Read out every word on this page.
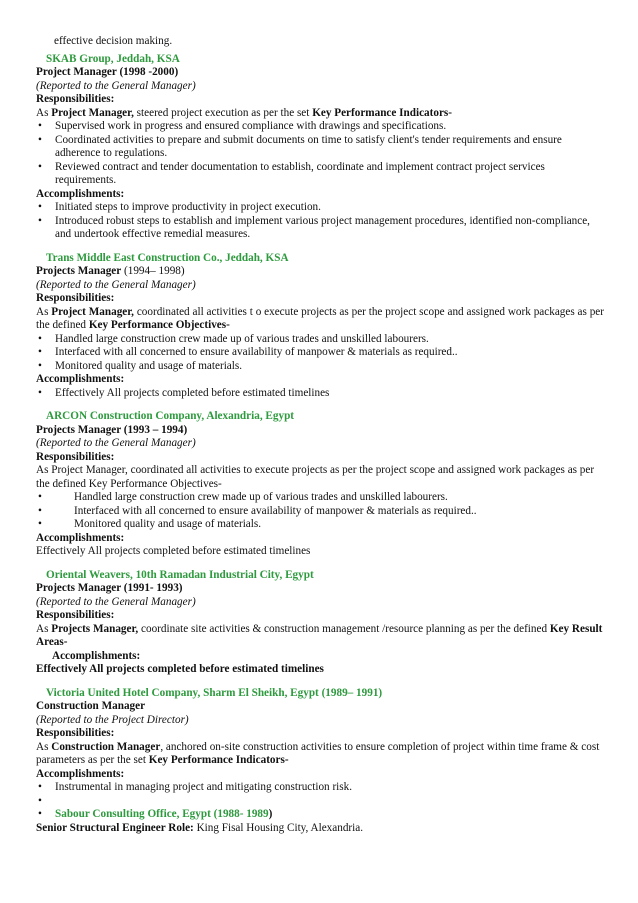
effective decision making.
SKAB Group, Jeddah, KSA
Project Manager (1998 -2000)
(Reported to the General Manager)
Responsibilities:
As Project Manager, steered project execution as per the set Key Performance Indicators-
• Supervised work in progress and ensured compliance with drawings and specifications.
• Coordinated activities to prepare and submit documents on time to satisfy client's tender requirements and ensure adherence to regulations.
• Reviewed contract and tender documentation to establish, coordinate and implement contract project services requirements.
Accomplishments:
• Initiated steps to improve productivity in project execution.
• Introduced robust steps to establish and implement various project management procedures, identified non-compliance, and undertook effective remedial measures.
Trans Middle East Construction Co., Jeddah, KSA
Projects Manager (1994– 1998)
(Reported to the General Manager)
Responsibilities:
As Project Manager, coordinated all activities t o execute projects as per the project scope and assigned work packages as per the defined Key Performance Objectives-
• Handled large construction crew made up of various trades and unskilled labourers.
• Interfaced with all concerned to ensure availability of manpower & materials as required..
• Monitored quality and usage of materials.
Accomplishments:
• Effectively All projects completed before estimated timelines
ARCON Construction Company, Alexandria, Egypt
Projects Manager (1993 – 1994)
(Reported to the General Manager)
Responsibilities:
As Project Manager, coordinated all activities to execute projects as per the project scope and assigned work packages as per the defined Key Performance Objectives-
•	Handled large construction crew made up of various trades and unskilled labourers.
•	Interfaced with all concerned to ensure availability of manpower & materials as required..
•	Monitored quality and usage of materials.
Accomplishments:
Effectively All projects completed before estimated timelines
Oriental Weavers, 10th Ramadan Industrial City, Egypt
Projects Manager (1991- 1993)
(Reported to the General Manager)
Responsibilities:
As Projects Manager, coordinate site activities & construction management /resource planning as per the defined Key Result Areas-
Accomplishments:
Effectively All projects completed before estimated timelines
Victoria United Hotel Company, Sharm El Sheikh, Egypt (1989– 1991)
Construction Manager
(Reported to the Project Director)
Responsibilities:
As Construction Manager, anchored on-site construction activities to ensure completion of project within time frame & cost parameters as per the set Key Performance Indicators-
Accomplishments:
• Instrumental in managing project and mitigating construction risk.
•

• Sabour Consulting Office, Egypt (1988- 1989)
Senior Structural Engineer Role: King Fisal Housing City, Alexandria.
